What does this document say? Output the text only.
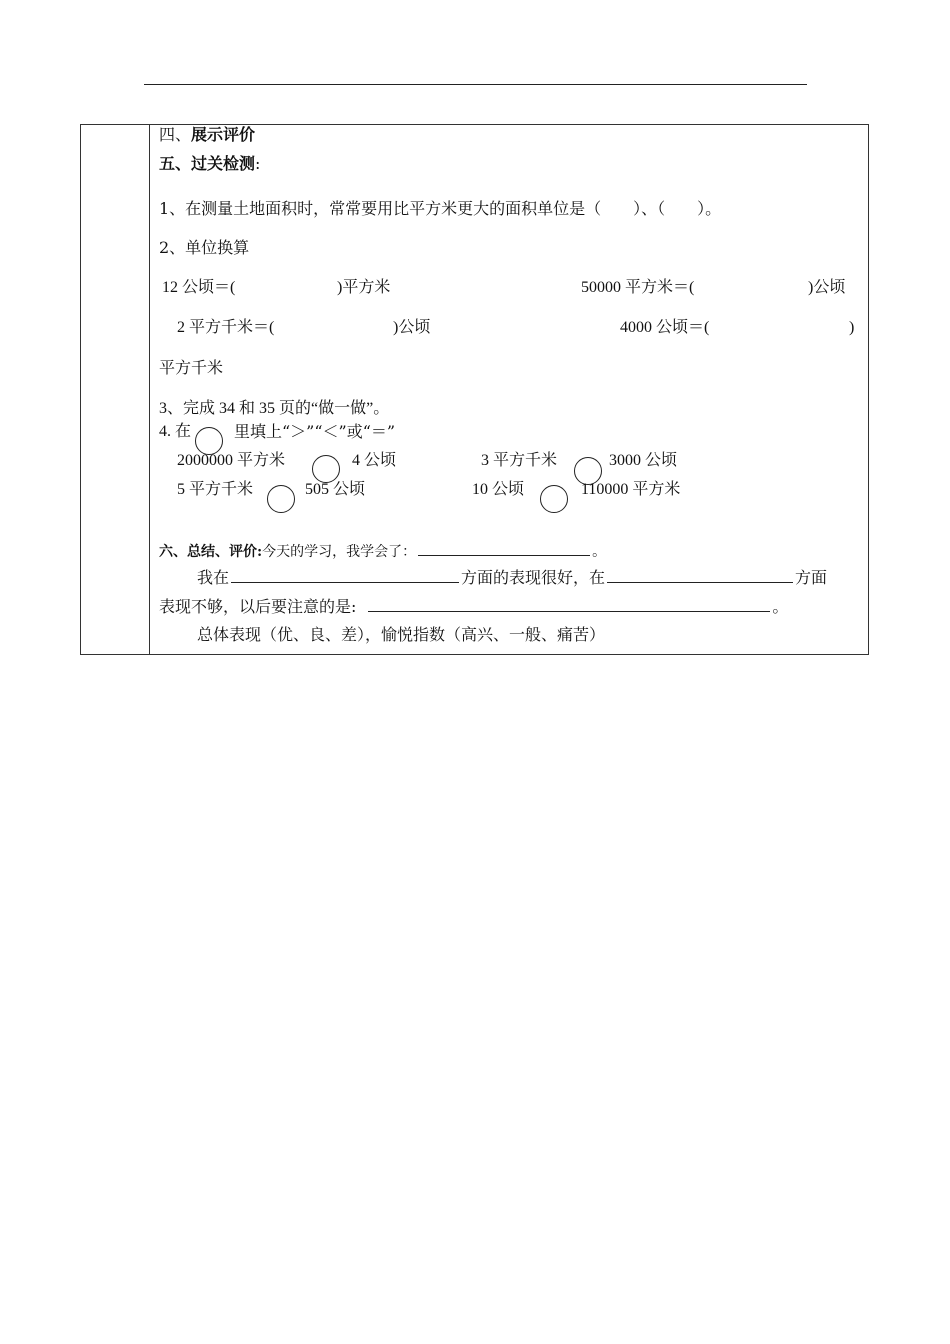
四、展示评价
五、过关检测:
1、在测量土地面积时，常常要用比平方米更大的面积单位是（　　）、（　　）。
2、单位换算
12 公顷＝(	)平方米	50000 平方米＝(	)公顷
2 平方千米＝(	)公顷	4000 公顷＝(	)
平方千米
3、完成 34 和 35 页的“做一做”。
4. 在	里填上“＞”“＜”或“＝”
2000000 平方米	4 公顷	3 平方千米	3000 公顷
5 平方千米	505 公顷	10 公顷	110000 平方米
六、总结、评价:今天的学习，我学会了：	。
我在	方面的表现很好，在	方面
表现不够，以后要注意的是:	。
总体表现（优、良、差），愉悦指数（高兴、一般、痛苦）
